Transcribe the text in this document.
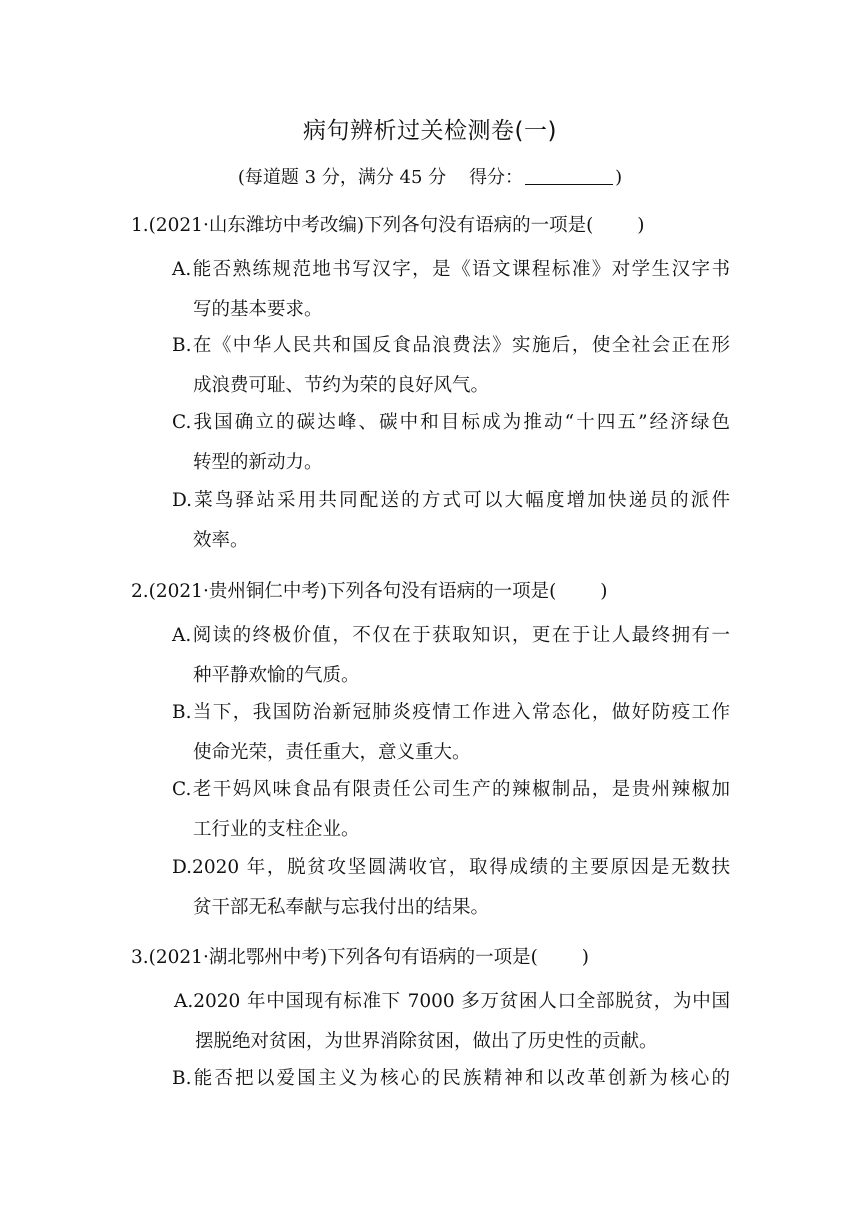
病句辨析过关检测卷(一)
(每道题 3 分，满分 45 分 得分：	)
1.(2021·山东潍坊中考改编)下列各句没有语病的一项是( )
A.能否熟练规范地书写汉字，是《语文课程标准》对学生汉字书
写的基本要求。
B.在《中华人民共和国反食品浪费法》实施后，使全社会正在形
成浪费可耻、节约为荣的良好风气。
C.我国确立的碳达峰、碳中和目标成为推动“十四五”经济绿色
转型的新动力。
D.菜鸟驿站采用共同配送的方式可以大幅度增加快递员的派件
效率。
2.(2021·贵州铜仁中考)下列各句没有语病的一项是( )
A.阅读的终极价值，不仅在于获取知识，更在于让人最终拥有一
种平静欢愉的气质。
B.当下，我国防治新冠肺炎疫情工作进入常态化，做好防疫工作
使命光荣，责任重大，意义重大。
C.老干妈风味食品有限责任公司生产的辣椒制品，是贵州辣椒加
工行业的支柱企业。
D.2020 年，脱贫攻坚圆满收官，取得成绩的主要原因是无数扶
贫干部无私奉献与忘我付出的结果。
3.(2021·湖北鄂州中考)下列各句有语病的一项是( )
A.2020 年中国现有标准下 7000 多万贫困人口全部脱贫，为中国
摆脱绝对贫困，为世界消除贫困，做出了历史性的贡献。
B.能否把以爱国主义为核心的民族精神和以改革创新为核心的
